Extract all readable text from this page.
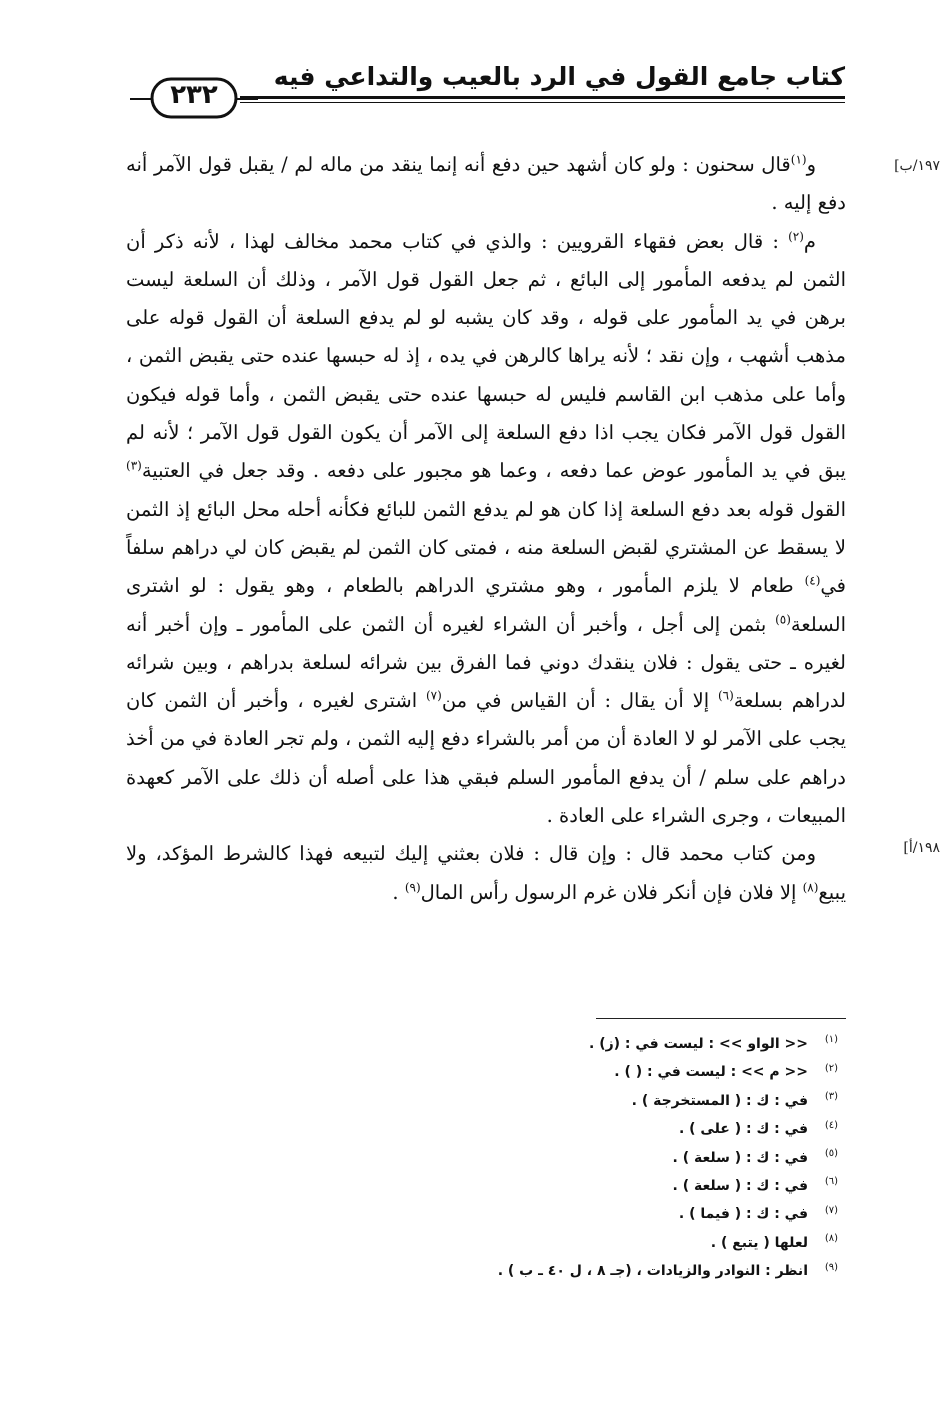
كتاب جامع القول في الرد بالعيب والتداعي فيه
٢٣٢
[١٩٧/ب
[١٩٨/أ

و$^{(١)}$قال سحنون : ولو كان أشهد حين دفع أنه إنما ينقد من ماله لم / يقبل قول الآمر أنه دفع إليه .

م$^{(٢)}$ : قال بعض فقهاء القرويين : والذي في كتاب محمد مخالف لهذا ، لأنه ذكر أن الثمن لم يدفعه المأمور إلى البائع ، ثم جعل القول قول الآمر ، وذلك أن السلعة ليست برهن في يد المأمور على قوله ، وقد كان يشبه لو لم يدفع السلعة أن القول قوله على مذهب أشهب ، وإن نقد ؛ لأنه يراها كالرهن في يده ، إذ له حبسها عنده حتى يقبض الثمن ، وأما على مذهب ابن القاسم فليس له حبسها عنده حتى يقبض الثمن ، وأما قوله فيكون القول قول الآمر فكان يجب اذا دفع السلعة إلى الآمر أن يكون القول قول الآمر ؛ لأنه لم يبق في يد المأمور عوض عما دفعه ، وعما هو مجبور على دفعه . وقد جعل في العتبية$^{(٣)}$ القول قوله بعد دفع السلعة إذا كان هو لم يدفع الثمن للبائع فكأنه أحله محل البائع إذ الثمن لا يسقط عن المشتري لقبض السلعة منه ، فمتى كان الثمن لم يقبض كان لي دراهم سلفاً في$^{(٤)}$ طعام لا يلزم المأمور ، وهو مشتري الدراهم بالطعام ، وهو يقول : لو اشترى السلعة$^{(٥)}$ بثمن إلى أجل ، وأخبر أن الشراء لغيره أن الثمن على المأمور ـ وإن أخبر أنه لغيره ـ حتى يقول : فلان ينقدك دوني فما الفرق بين شرائه لسلعة بدراهم ، وبين شرائه لدراهم بسلعة$^{(٦)}$ إلا أن يقال : أن القياس في من$^{(٧)}$ اشترى لغيره ، وأخبر أن الثمن كان يجب على الآمر لو لا العادة أن من أمر بالشراء دفع إليه الثمن ، ولم تجر العادة في من أخذ دراهم على سلم / أن يدفع المأمور السلم فبقي هذا على أصله أن ذلك على الآمر كعهدة المبيعات ، وجرى الشراء على العادة .

ومن كتاب محمد قال : وإن قال : فلان بعثني إليك لتبيعه فهذا كالشرط المؤكد، ولا يبيع$^{(٨)}$ إلا فلان فإن أنكر فلان غرم الرسول رأس المال$^{(٩)}$ .

(١)<< الواو >> : ليست في : (ز) .
(٢)<< م >> : ليست في : ( ) .
(٣)في : ك : ( المستخرجة ) .
(٤)في : ك : ( على ) .
(٥)في : ك : ( سلعة ) .
(٦)في : ك : ( سلعة ) .
(٧)في : ك : ( فيما ) .
(٨)لعلها ( يتبع ) .
(٩)انظر : النوادر والزيادات ، (جـ ٨ ، ل ٤٠ ـ ب ) .
